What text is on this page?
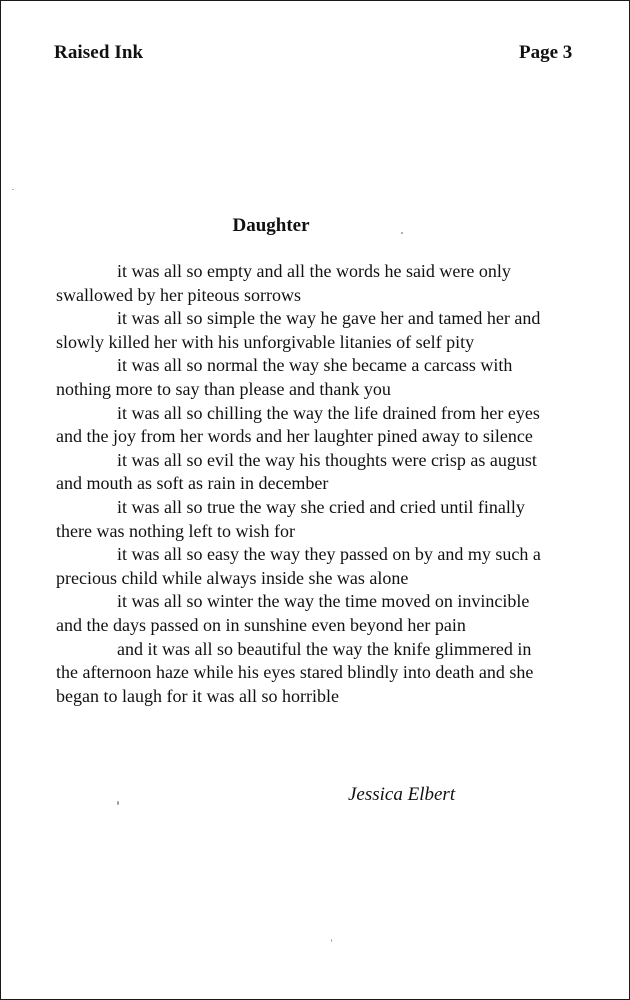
Raised Ink	Page 3
Daughter

it was all so empty and all the words he said were only
swallowed by her piteous sorrows

it was all so simple the way he gave her and tamed her and
slowly killed her with his unforgivable litanies of self pity

it was all so normal the way she became a carcass with
nothing more to say than please and thank you

it was all so chilling the way the life drained from her eyes
and the joy from her words and her laughter pined away to silence

it was all so evil the way his thoughts were crisp as august
and mouth as soft as rain in december

it was all so true the way she cried and cried until finally
there was nothing left to wish for

it was all so easy the way they passed on by and my such a
precious child while always inside she was alone

it was all so winter the way the time moved on invincible
and the days passed on in sunshine even beyond her pain

and it was all so beautiful the way the knife glimmered in
the afternoon haze while his eyes stared blindly into death and she
began to laugh for it was all so horrible

Jessica Elbert
